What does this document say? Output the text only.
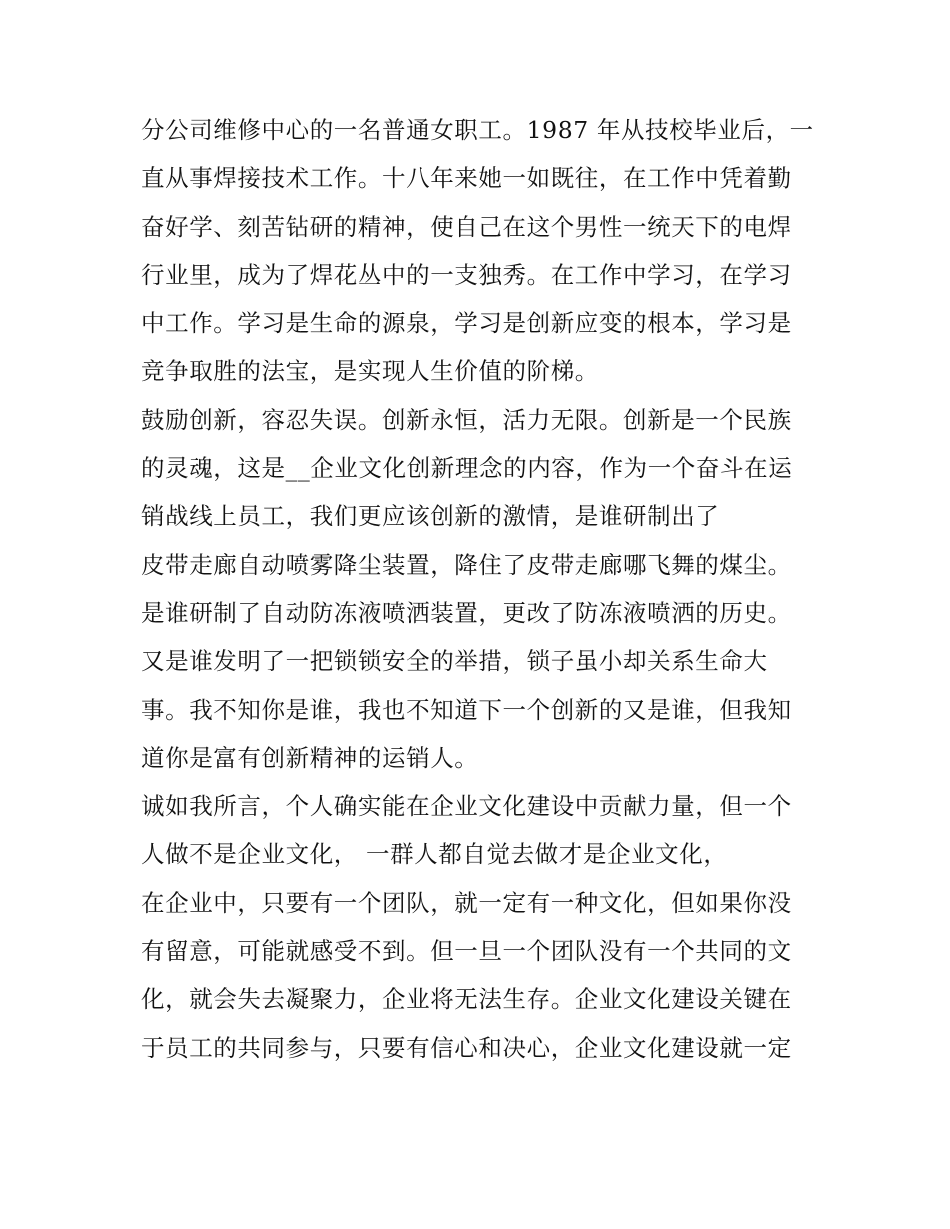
分公司维修中心的一名普通女职工。1987 年从技校毕业后，一
直从事焊接技术工作。十八年来她一如既往，在工作中凭着勤
奋好学、刻苦钻研的精神，使自己在这个男性一统天下的电焊
行业里，成为了焊花丛中的一支独秀。在工作中学习，在学习
中工作。学习是生命的源泉，学习是创新应变的根本，学习是
竞争取胜的法宝，是实现人生价值的阶梯。
鼓励创新，容忍失误。创新永恒，活力无限。创新是一个民族
的灵魂，这是__企业文化创新理念的内容，作为一个奋斗在运
销战线上员工，我们更应该创新的激情，是谁研制出了
皮带走廊自动喷雾降尘装置，降住了皮带走廊哪飞舞的煤尘。
是谁研制了自动防冻液喷洒装置，更改了防冻液喷洒的历史。
又是谁发明了一把锁锁安全的举措，锁子虽小却关系生命大
事。我不知你是谁，我也不知道下一个创新的又是谁，但我知
道你是富有创新精神的运销人。
诚如我所言，个人确实能在企业文化建设中贡献力量，但一个
人做不是企业文化， 一群人都自觉去做才是企业文化，
在企业中，只要有一个团队，就一定有一种文化，但如果你没
有留意，可能就感受不到。但一旦一个团队没有一个共同的文
化，就会失去凝聚力，企业将无法生存。企业文化建设关键在
于员工的共同参与，只要有信心和决心，企业文化建设就一定
